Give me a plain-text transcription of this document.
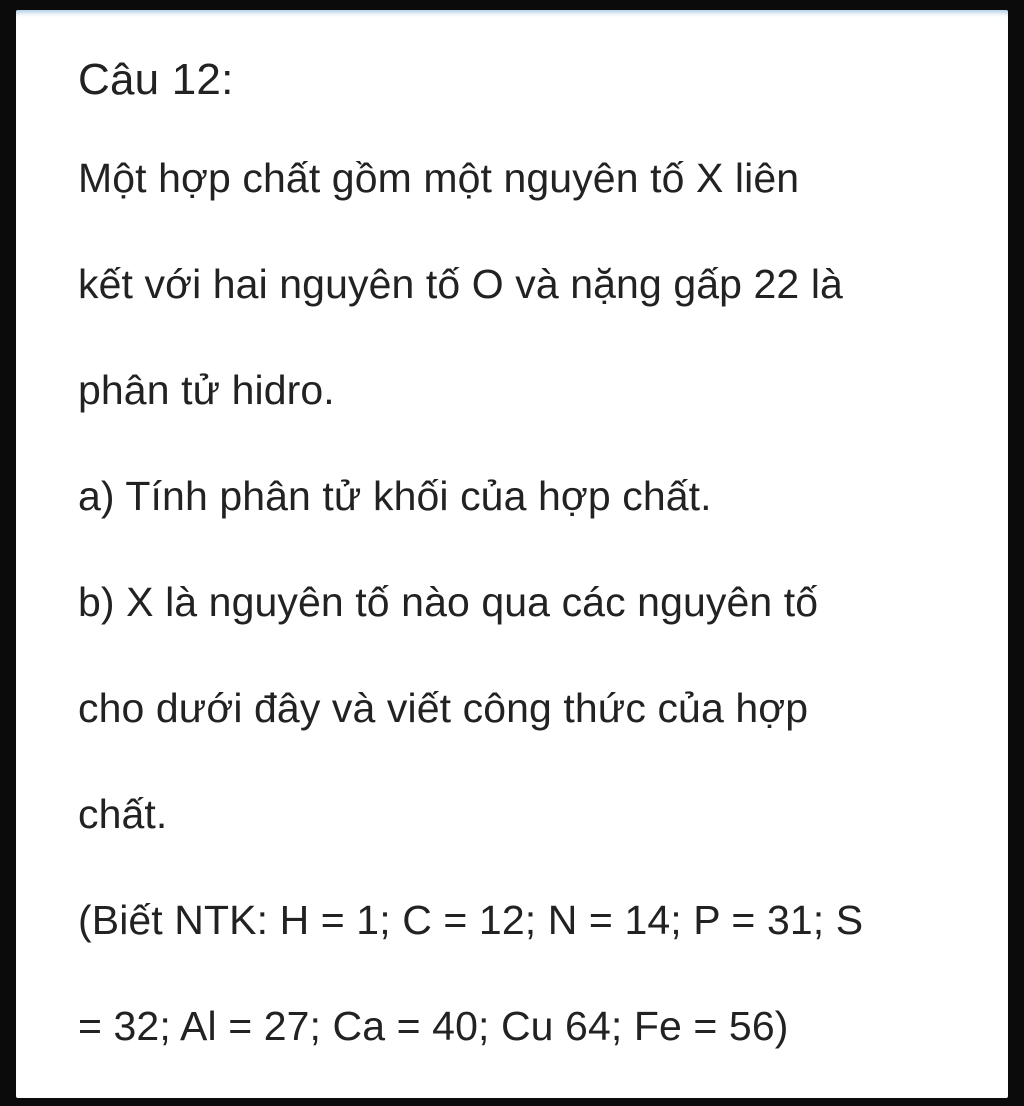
Câu 12:
Một hợp chất gồm một nguyên tố X liên
kết với hai nguyên tố O và nặng gấp 22 là
phân tử hidro.
a) Tính phân tử khối của hợp chất.
b) X là nguyên tố nào qua các nguyên tố
cho dưới đây và viết công thức của hợp
chất.
(Biết NTK: H = 1; C = 12; N = 14; P = 31; S
= 32; Al = 27; Ca = 40; Cu 64; Fe = 56)
